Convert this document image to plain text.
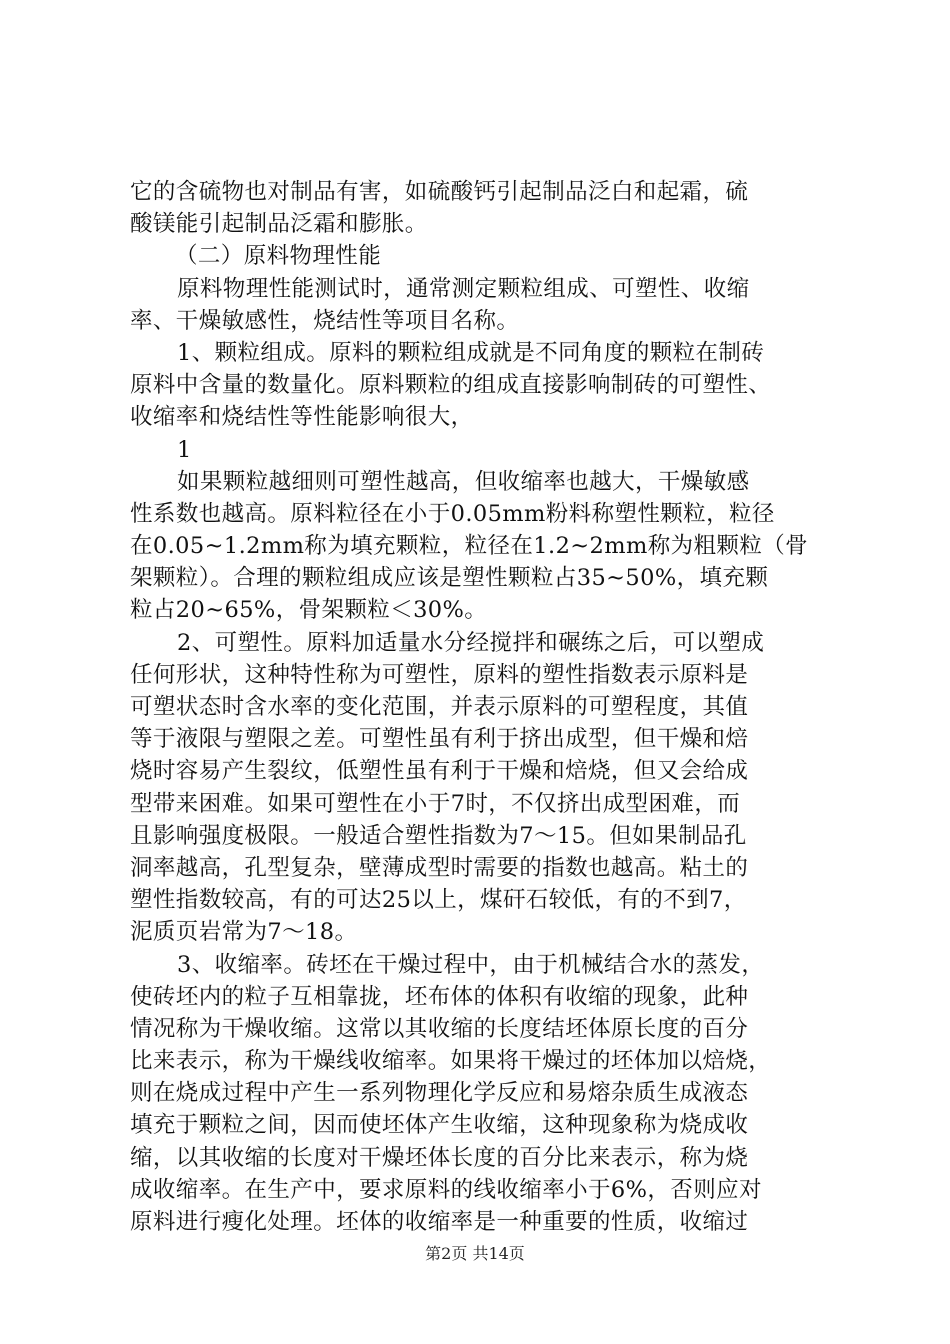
它的含硫物也对制品有害，如硫酸钙引起制品泛白和起霜，硫
酸镁能引起制品泛霜和膨胀。
（二）原料物理性能
原料物理性能测试时，通常测定颗粒组成、可塑性、收缩
率、干燥敏感性，烧结性等项目名称。
1、颗粒组成。原料的颗粒组成就是不同角度的颗粒在制砖
原料中含量的数量化。原料颗粒的组成直接影响制砖的可塑性、
收缩率和烧结性等性能影响很大，
1
如果颗粒越细则可塑性越高，但收缩率也越大，干燥敏感
性系数也越高。原料粒径在小于0.05mm粉料称塑性颗粒，粒径
在0.05~1.2mm称为填充颗粒，粒径在1.2~2mm称为粗颗粒（骨
架颗粒）。合理的颗粒组成应该是塑性颗粒占35~50%，填充颗
粒占20~65%，骨架颗粒＜30%。
2、可塑性。原料加适量水分经搅拌和碾练之后，可以塑成
任何形状，这种特性称为可塑性，原料的塑性指数表示原料是
可塑状态时含水率的变化范围，并表示原料的可塑程度，其值
等于液限与塑限之差。可塑性虽有利于挤出成型，但干燥和焙
烧时容易产生裂纹，低塑性虽有利于干燥和焙烧，但又会给成
型带来困难。如果可塑性在小于7时，不仅挤出成型困难，而
且影响强度极限。一般适合塑性指数为7～15。但如果制品孔
洞率越高，孔型复杂，壁薄成型时需要的指数也越高。粘土的
塑性指数较高，有的可达25以上，煤矸石较低，有的不到7，
泥质页岩常为7～18。
3、收缩率。砖坯在干燥过程中，由于机械结合水的蒸发，
使砖坯内的粒子互相靠拢，坯布体的体积有收缩的现象，此种
情况称为干燥收缩。这常以其收缩的长度结坯体原长度的百分
比来表示，称为干燥线收缩率。如果将干燥过的坯体加以焙烧，
则在烧成过程中产生一系列物理化学反应和易熔杂质生成液态
填充于颗粒之间，因而使坯体产生收缩，这种现象称为烧成收
缩，以其收缩的长度对干燥坯体长度的百分比来表示，称为烧
成收缩率。在生产中，要求原料的线收缩率小于6%，否则应对
原料进行瘦化处理。坯体的收缩率是一种重要的性质，收缩过
第2页 共14页
